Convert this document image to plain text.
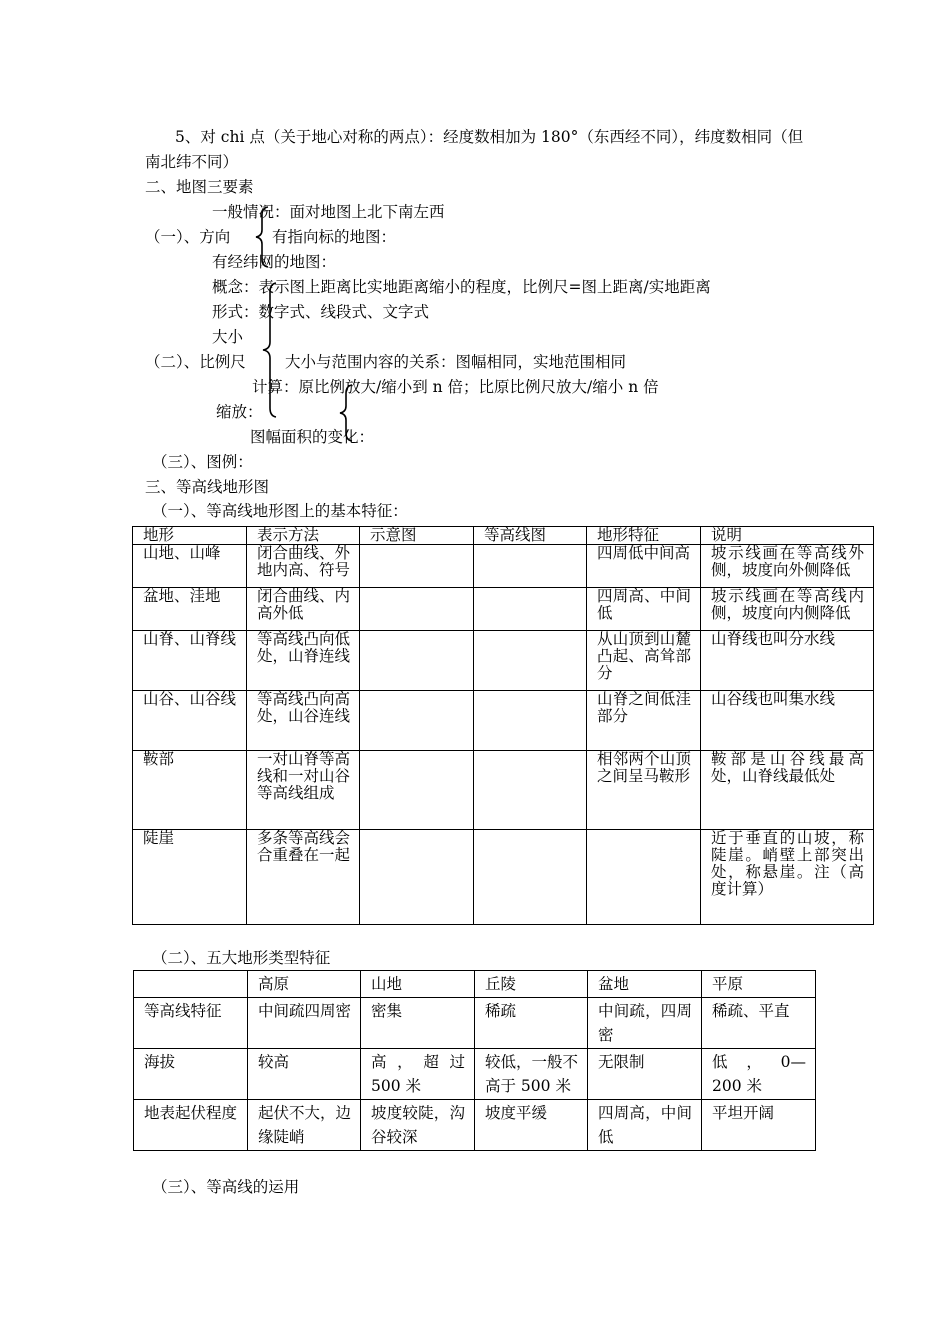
5、对 chi 点（关于地心对称的两点）：经度数相加为 180°（东西经不同），纬度数相同（但
南北纬不同）
二、地图三要素
一般情况：面对地图上北下南左西
（一）、方向	有指向标的地图：
有经纬网的地图：
概念：表示图上距离比实地距离缩小的程度，比例尺=图上距离/实地距离
形式：数字式、线段式、文字式
大小
（二）、比例尺	大小与范围内容的关系：图幅相同，实地范围相同
计算：原比例放大/缩小到 n 倍；比原比例尺放大/缩小 n 倍
缩放：
图幅面积的变化：
（三）、图例：
三、等高线地形图
（一）、等高线地形图上的基本特征：
地形	表示方法	示意图	等高线图	地形特征	说明
山地、山峰	闭合曲线、外地内高、符号			四周低中间高	坡示线画在等高线外侧，坡度向外侧降低
盆地、洼地	闭合曲线、内高外低			四周高、中间低	坡示线画在等高线内侧，坡度向内侧降低
山脊、山脊线	等高线凸向低处，山脊连线			从山顶到山麓凸起、高耸部分	山脊线也叫分水线
山谷、山谷线	等高线凸向高处，山谷连线			山脊之间低洼部分	山谷线也叫集水线
鞍部	一对山脊等高线和一对山谷等高线组成			相邻两个山顶之间呈马鞍形	鞍部是山谷线最高处，山脊线最低处
陡崖	多条等高线会合重叠在一起				近于垂直的山坡，称陡崖。峭壁上部突出处，称悬崖。注（高度计算）
（二）、五大地形类型特征
	高原	山地	丘陵	盆地	平原
等高线特征	中间疏四周密	密集	稀疏	中间疏，四周密	稀疏、平直
海拔	较高	高，超过 500 米	较低，一般不高于 500 米	无限制	低 ， 0—200 米
地表起伏程度	起伏不大，边缘陡峭	坡度较陡，沟谷较深	坡度平缓	四周高，中间低	平坦开阔
（三）、等高线的运用
